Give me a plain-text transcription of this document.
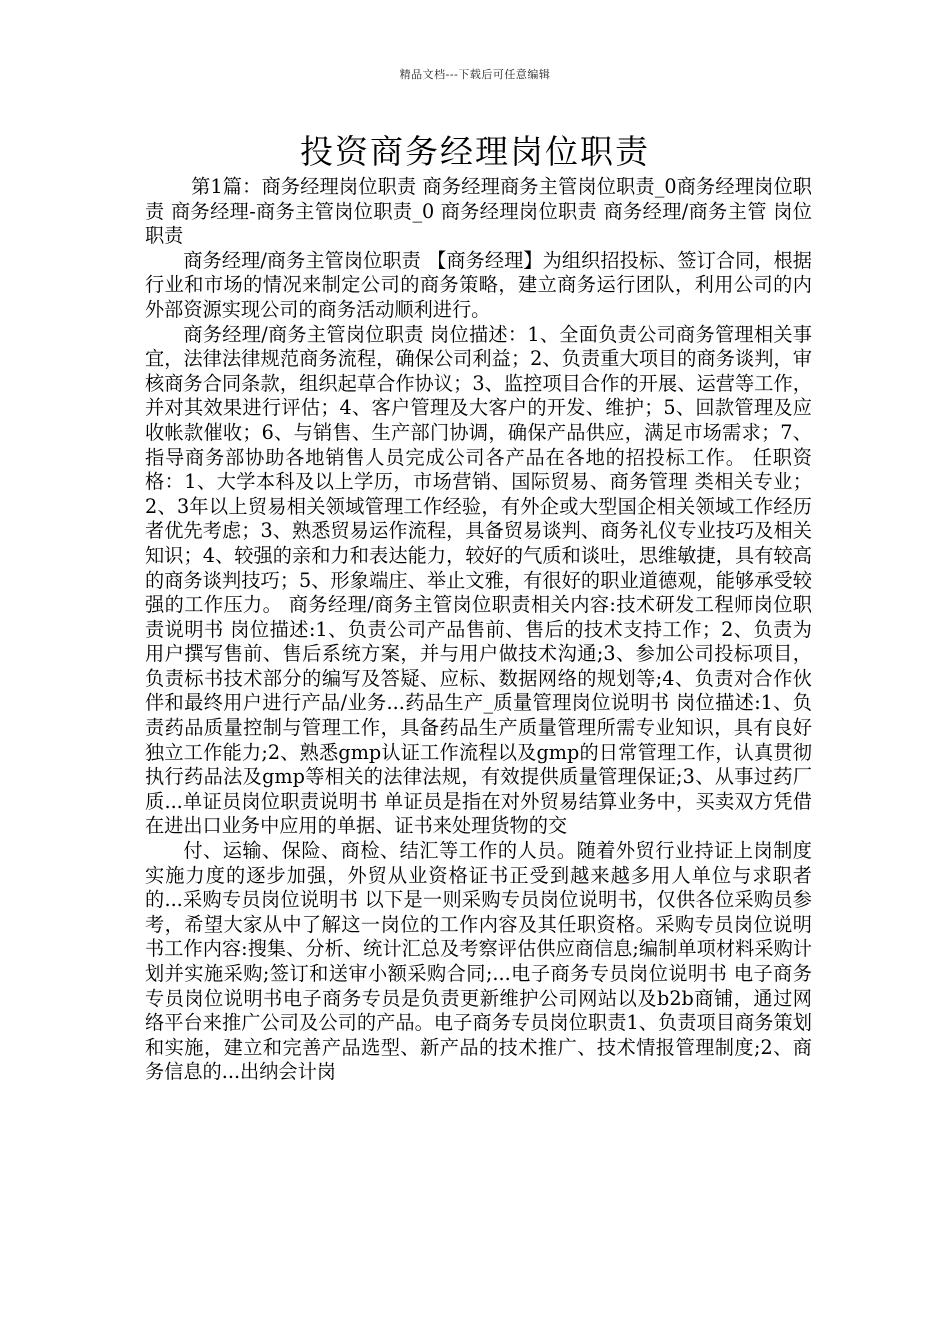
精品文档---下载后可任意编辑
投资商务经理岗位职责

第1篇：商务经理岗位职责 商务经理商务主管岗位职责_0商务经理岗位职责 商务经理-商务主管岗位职责_0 商务经理岗位职责 商务经理/商务主管 岗位职责

商务经理/商务主管岗位职责 【商务经理】为组织招投标、签订合同，根据行业和市场的情况来制定公司的商务策略，建立商务运行团队，利用公司的内外部资源实现公司的商务活动顺利进行。

商务经理/商务主管岗位职责 岗位描述：1、全面负责公司商务管理相关事宜，法律法律规范商务流程，确保公司利益；2、负责重大项目的商务谈判，审核商务合同条款，组织起草合作协议；3、监控项目合作的开展、运营等工作，并对其效果进行评估；4、客户管理及大客户的开发、维护；5、回款管理及应收帐款催收；6、与销售、生产部门协调，确保产品供应，满足市场需求；7、指导商务部协助各地销售人员完成公司各产品在各地的招投标工作。 任职资格：1、大学本科及以上学历，市场营销、国际贸易、商务管理 类相关专业；2、3年以上贸易相关领域管理工作经验，有外企或大型国企相关领域工作经历者优先考虑；3、熟悉贸易运作流程，具备贸易谈判、商务礼仪专业技巧及相关知识；4、较强的亲和力和表达能力，较好的气质和谈吐，思维敏捷，具有较高的商务谈判技巧；5、形象端庄、举止文雅，有很好的职业道德观，能够承受较强的工作压力。 商务经理/商务主管岗位职责相关内容:技术研发工程师岗位职责说明书 岗位描述:1、负责公司产品售前、售后的技术支持工作；2、负责为用户撰写售前、售后系统方案，并与用户做技术沟通;3、参加公司投标项目，负责标书技术部分的编写及答疑、应标、数据网络的规划等;4、负责对合作伙伴和最终用户进行产品/业务...药品生产_质量管理岗位说明书 岗位描述:1、负责药品质量控制与管理工作，具备药品生产质量管理所需专业知识，具有良好独立工作能力;2、熟悉gmp认证工作流程以及gmp的日常管理工作，认真贯彻执行药品法及gmp等相关的法律法规，有效提供质量管理保证;3、从事过药厂质...单证员岗位职责说明书 单证员是指在对外贸易结算业务中，买卖双方凭借在进出口业务中应用的单据、证书来处理货物的交

付、运输、保险、商检、结汇等工作的人员。随着外贸行业持证上岗制度实施力度的逐步加强，外贸从业资格证书正受到越来越多用人单位与求职者的...采购专员岗位说明书 以下是一则采购专员岗位说明书，仅供各位采购员参考，希望大家从中了解这一岗位的工作内容及其任职资格。采购专员岗位说明书工作内容:搜集、分析、统计汇总及考察评估供应商信息;编制单项材料采购计划并实施采购;签订和送审小额采购合同;...电子商务专员岗位说明书 电子商务专员岗位说明书电子商务专员是负责更新维护公司网站以及b2b商铺，通过网络平台来推广公司及公司的产品。电子商务专员岗位职责1、负责项目商务策划和实施，建立和完善产品选型、新产品的技术推广、技术情报管理制度;2、商务信息的...出纳会计岗
